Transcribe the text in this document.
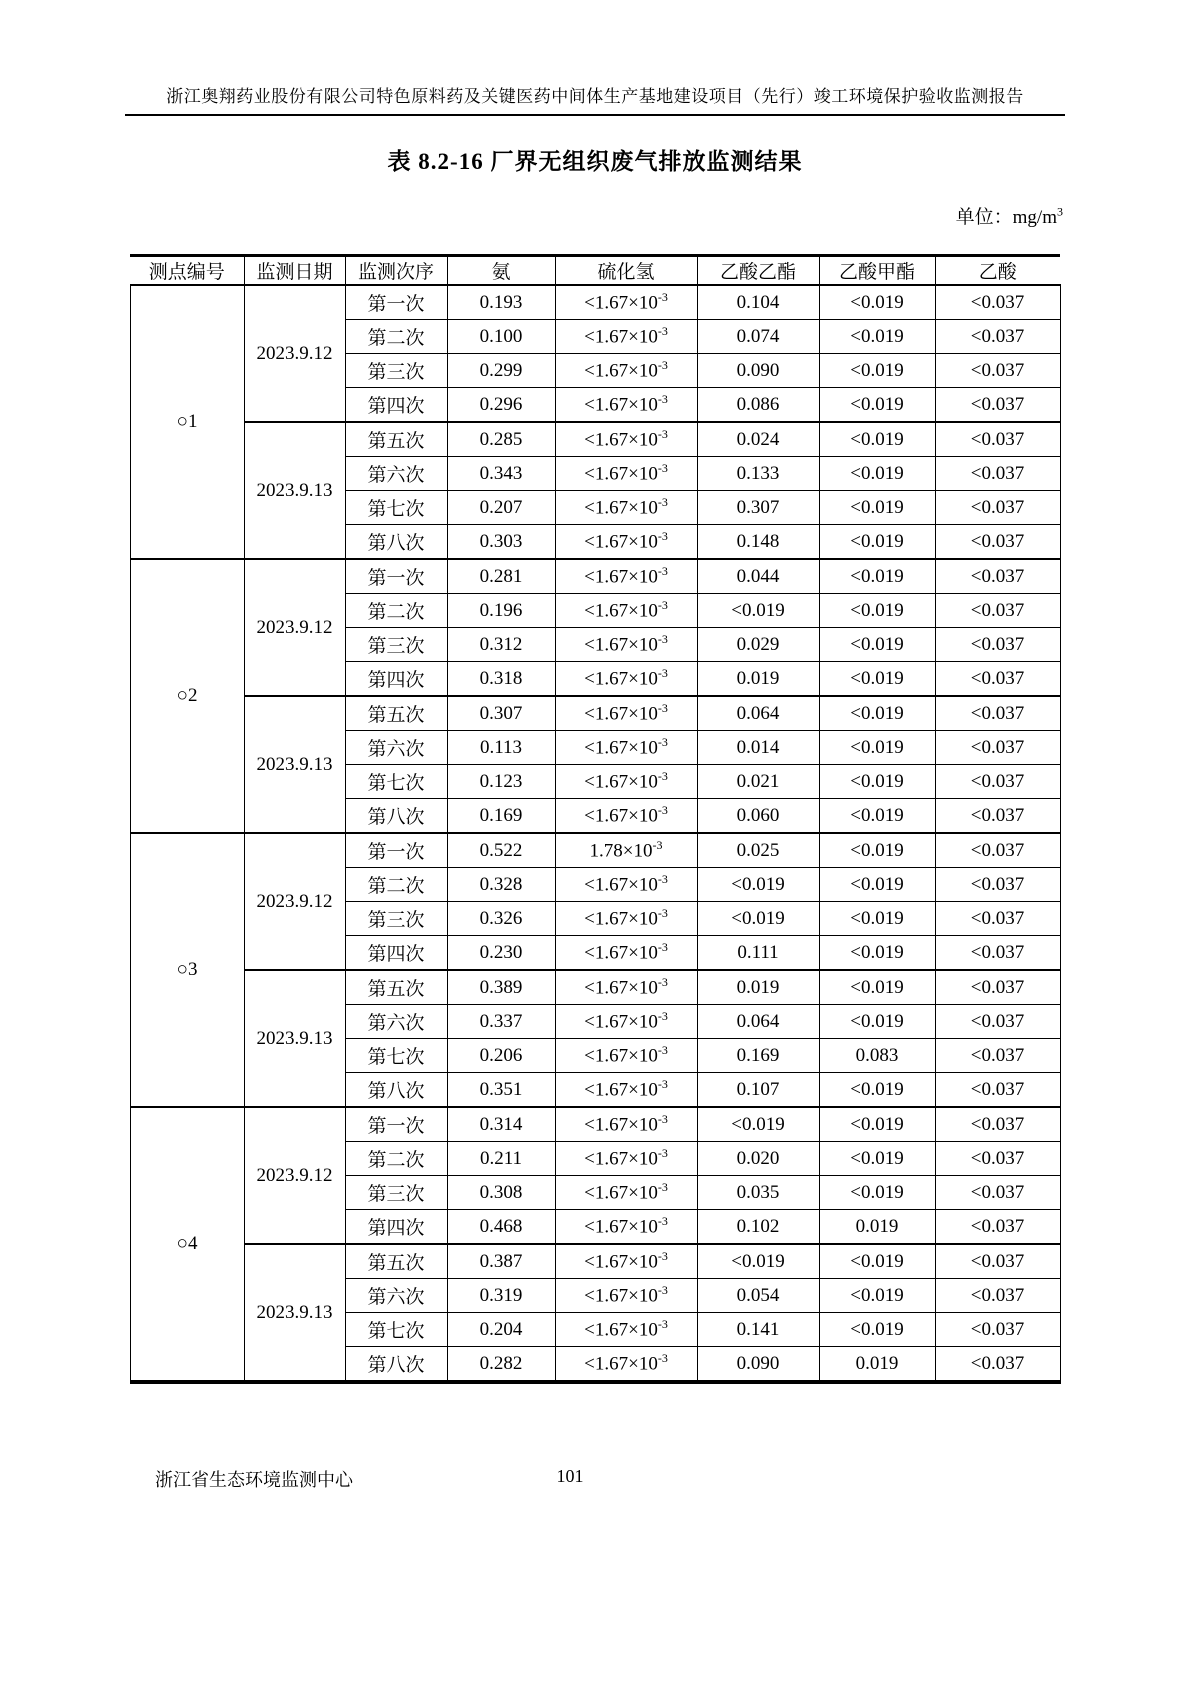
浙江奥翔药业股份有限公司特色原料药及关键医药中间体生产基地建设项目（先行）竣工环境保护验收监测报告
表 8.2-16 厂界无组织废气排放监测结果
单位：$mg/m^3$
测点编号	监测日期	监测次序	氨	硫化氢	乙酸乙酯	乙酸甲酯	乙酸
○1	2023.9.12	第一次	0.193	$<1.67\times 10^{-3}$	0.104	<0.019	<0.037
		第二次	0.100	$<1.67\times 10^{-3}$	0.074	<0.019	<0.037
		第三次	0.299	$<1.67\times 10^{-3}$	0.090	<0.019	<0.037
		第四次	0.296	$<1.67\times 10^{-3}$	0.086	<0.019	<0.037
	2023.9.13	第五次	0.285	$<1.67\times 10^{-3}$	0.024	<0.019	<0.037
		第六次	0.343	$<1.67\times 10^{-3}$	0.133	<0.019	<0.037
		第七次	0.207	$<1.67\times 10^{-3}$	0.307	<0.019	<0.037
		第八次	0.303	$<1.67\times 10^{-3}$	0.148	<0.019	<0.037
○2	2023.9.12	第一次	0.281	$<1.67\times 10^{-3}$	0.044	<0.019	<0.037
		第二次	0.196	$<1.67\times 10^{-3}$	<0.019	<0.019	<0.037
		第三次	0.312	$<1.67\times 10^{-3}$	0.029	<0.019	<0.037
		第四次	0.318	$<1.67\times 10^{-3}$	0.019	<0.019	<0.037
	2023.9.13	第五次	0.307	$<1.67\times 10^{-3}$	0.064	<0.019	<0.037
		第六次	0.113	$<1.67\times 10^{-3}$	0.014	<0.019	<0.037
		第七次	0.123	$<1.67\times 10^{-3}$	0.021	<0.019	<0.037
		第八次	0.169	$<1.67\times 10^{-3}$	0.060	<0.019	<0.037
○3	2023.9.12	第一次	0.522	$1.78\times 10^{-3}$	0.025	<0.019	<0.037
		第二次	0.328	$<1.67\times 10^{-3}$	<0.019	<0.019	<0.037
		第三次	0.326	$<1.67\times 10^{-3}$	<0.019	<0.019	<0.037
		第四次	0.230	$<1.67\times 10^{-3}$	0.111	<0.019	<0.037
	2023.9.13	第五次	0.389	$<1.67\times 10^{-3}$	0.019	<0.019	<0.037
		第六次	0.337	$<1.67\times 10^{-3}$	0.064	<0.019	<0.037
		第七次	0.206	$<1.67\times 10^{-3}$	0.169	0.083	<0.037
		第八次	0.351	$<1.67\times 10^{-3}$	0.107	<0.019	<0.037
○4	2023.9.12	第一次	0.314	$<1.67\times 10^{-3}$	<0.019	<0.019	<0.037
		第二次	0.211	$<1.67\times 10^{-3}$	0.020	<0.019	<0.037
		第三次	0.308	$<1.67\times 10^{-3}$	0.035	<0.019	<0.037
		第四次	0.468	$<1.67\times 10^{-3}$	0.102	0.019	<0.037
	2023.9.13	第五次	0.387	$<1.67\times 10^{-3}$	<0.019	<0.019	<0.037
		第六次	0.319	$<1.67\times 10^{-3}$	0.054	<0.019	<0.037
		第七次	0.204	$<1.67\times 10^{-3}$	0.141	<0.019	<0.037
		第八次	0.282	$<1.67\times 10^{-3}$	0.090	0.019	<0.037
浙江省生态环境监测中心	101
